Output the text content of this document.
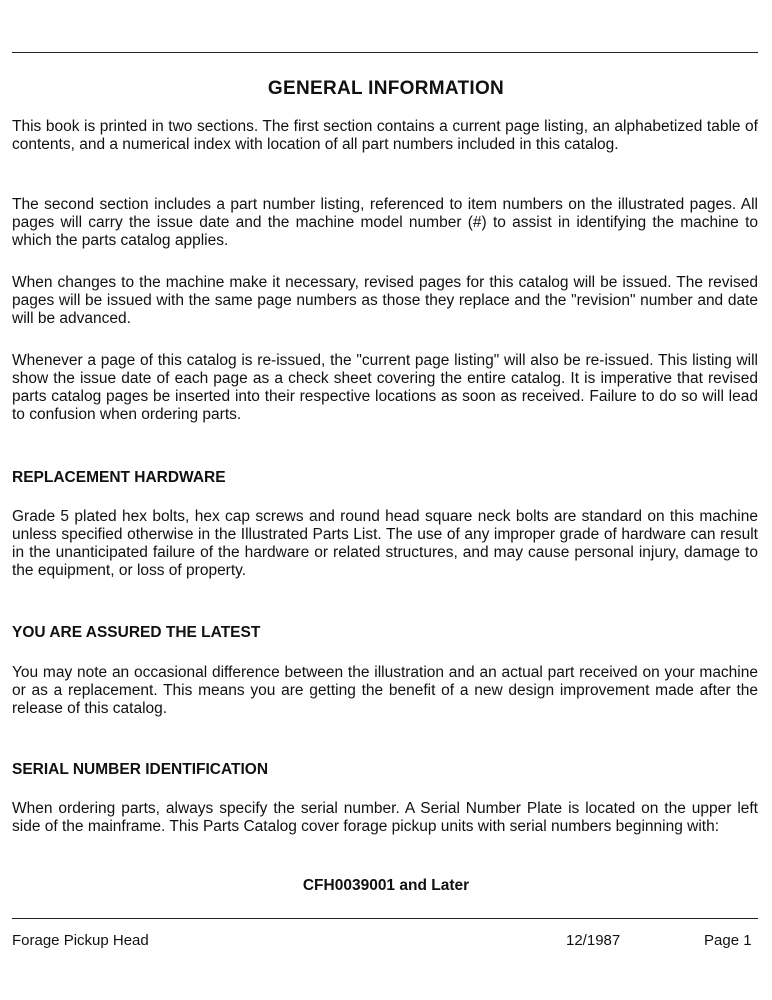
GENERAL INFORMATION

This book is printed in two sections. The first section contains a current page listing, an alphabetized table of contents, and a numerical index with location of all part numbers included in this catalog.

The second section includes a part number listing, referenced to item numbers on the illustrated pages. All pages will carry the issue date and the machine model number (#) to assist in identifying the machine to which the parts catalog applies.

When changes to the machine make it necessary, revised pages for this catalog will be issued. The revised pages will be issued with the same page numbers as those they replace and the "revision" number and date will be advanced.

Whenever a page of this catalog is re-issued, the "current page listing" will also be re-issued. This listing will show the issue date of each page as a check sheet covering the entire catalog. It is imperative that revised parts catalog pages be inserted into their respective locations as soon as received. Failure to do so will lead to confusion when ordering parts.

REPLACEMENT HARDWARE

Grade 5 plated hex bolts, hex cap screws and round head square neck bolts are standard on this machine unless specified otherwise in the Illustrated Parts List. The use of any improper grade of hardware can result in the unanticipated failure of the hardware or related structures, and may cause personal injury, damage to the equipment, or loss of property.

YOU ARE ASSURED THE LATEST

You may note an occasional difference between the illustration and an actual part received on your machine or as a replacement. This means you are getting the benefit of a new design improvement made after the release of this catalog.

SERIAL NUMBER IDENTIFICATION

When ordering parts, always specify the serial number. A Serial Number Plate is located on the upper left side of the mainframe. This Parts Catalog cover forage pickup units with serial numbers beginning with:

CFH0039001 and Later
Forage Pickup Head	12/1987	Page 1
